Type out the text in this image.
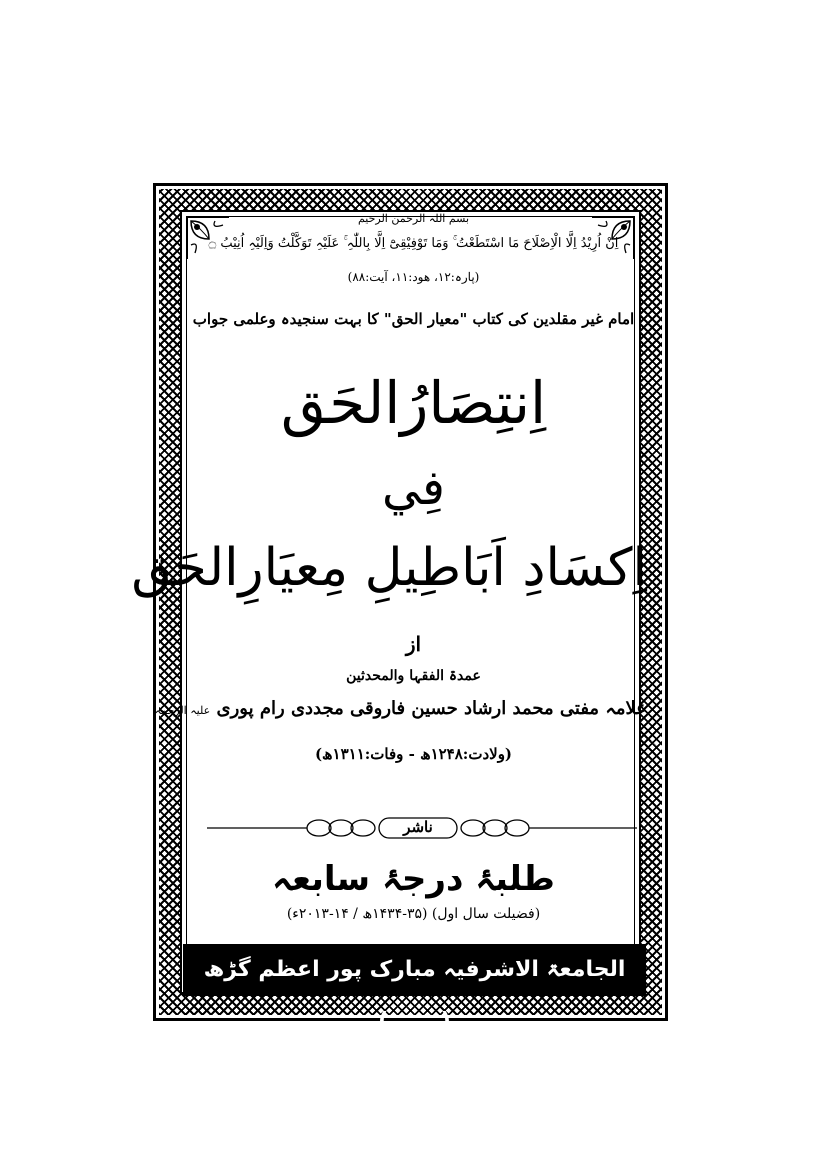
بسم اللہ الرحمن الرحیم
اِنْ اُرِیْدُ اِلَّا الْاِصْلَاحَ مَا اسْتَطَعْتُ ۚ وَمَا تَوْفِیْقِیْٓ اِلَّا بِاللّٰہِ ۚ عَلَیْہِ تَوَکَّلْتُ وَاِلَیْہِ اُنِیْبُ ۝
(پارہ:۱۲، ھود:۱۱، آیت:۸۸)
امام غیر مقلدین کی کتاب "معیار الحق" کا بہت سنجیدہ وعلمی جواب
اِنتِصَارُالحَق
فِي
اِکسَادِ اَبَاطِیلِ مِعیَارِالحَق
از
عمدۃ الفقہا والمحدثین
علامہ مفتی محمد ارشاد حسین فاروقی مجددی رام پوری علیہ الرحمہ
(ولادت:۱۲۴۸ھ - وفات:۱۳۱۱ھ)
ناشر
طلبۂ درجۂ سابعہ
(فضیلت سال اول) (۳۵-۱۴۳۴ھ / ۱۴-۲۰۱۳ء)
الجامعۃ الاشرفیہ مبارک پور اعظم گڑھ (یوپی)
